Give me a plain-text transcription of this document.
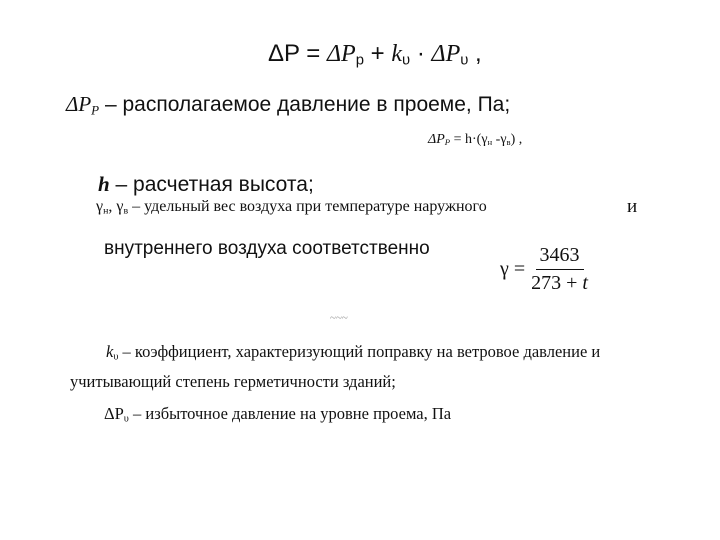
$\Delta P = \Delta P_p + k_\upsilon \cdot \Delta P_\upsilon$ ,
$\Delta P_P$ – располагаемое давление в проеме, Па;
$\Delta P_P = h\cdot(\gamma_н$ $-\gamma_в$) ,
h – расчетная высота;
$\gamma_н$, $\gamma_в$ – удельный вес воздуха при температуре наружного	и
внутреннего воздуха соответственно
$\gamma = \frac{3463}{273 + t}$
~~~
$k_\upsilon$ – коэффициент, характеризующий поправку на ветровое давление и
учитывающий степень герметичности зданий;
$\Delta P_\upsilon$ – избыточное давление на уровне проема, Па
